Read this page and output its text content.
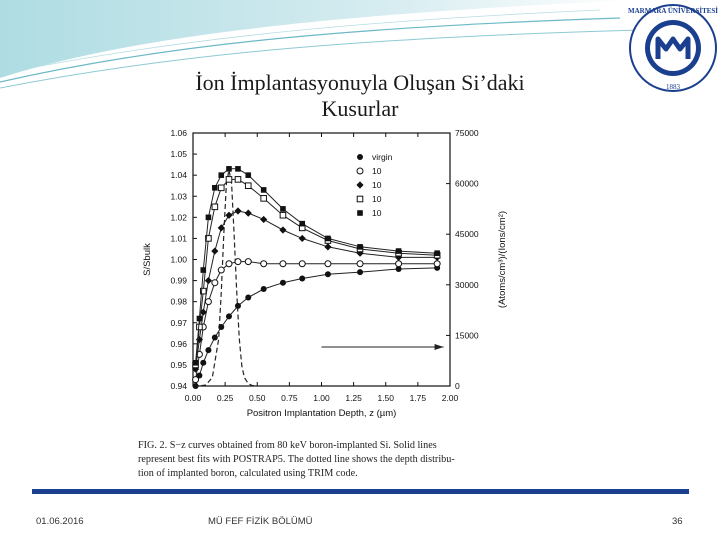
MARMARA ÜNİVERSİTESİ
1883
İon İmplantasyonuyla Oluşan Si’daki
Kusurlar
0.00 0.25 0.50 0.75 1.00 1.25 1.50 1.75 2.00
0.94
0.95
0.96
0.97
0.98
0.99
1.00
1.01
1.02
1.03
1.04
1.05
1.06
0
15000
30000
45000
60000
75000
Positron Implantation Depth, z (µm)
S/Sbulk	(Atoms/cm³)/(Ions/cm²)
virgin
10
10
10
10
FIG. 2. S−z curves obtained from 80 keV boron-implanted Si. Solid lines
represent best fits with POSTRAP5. The dotted line shows the depth distribu-
tion of implanted boron, calculated using TRIM code.
01.06.2016	MÜ FEF FİZİK BÖLÜMÜ	36
